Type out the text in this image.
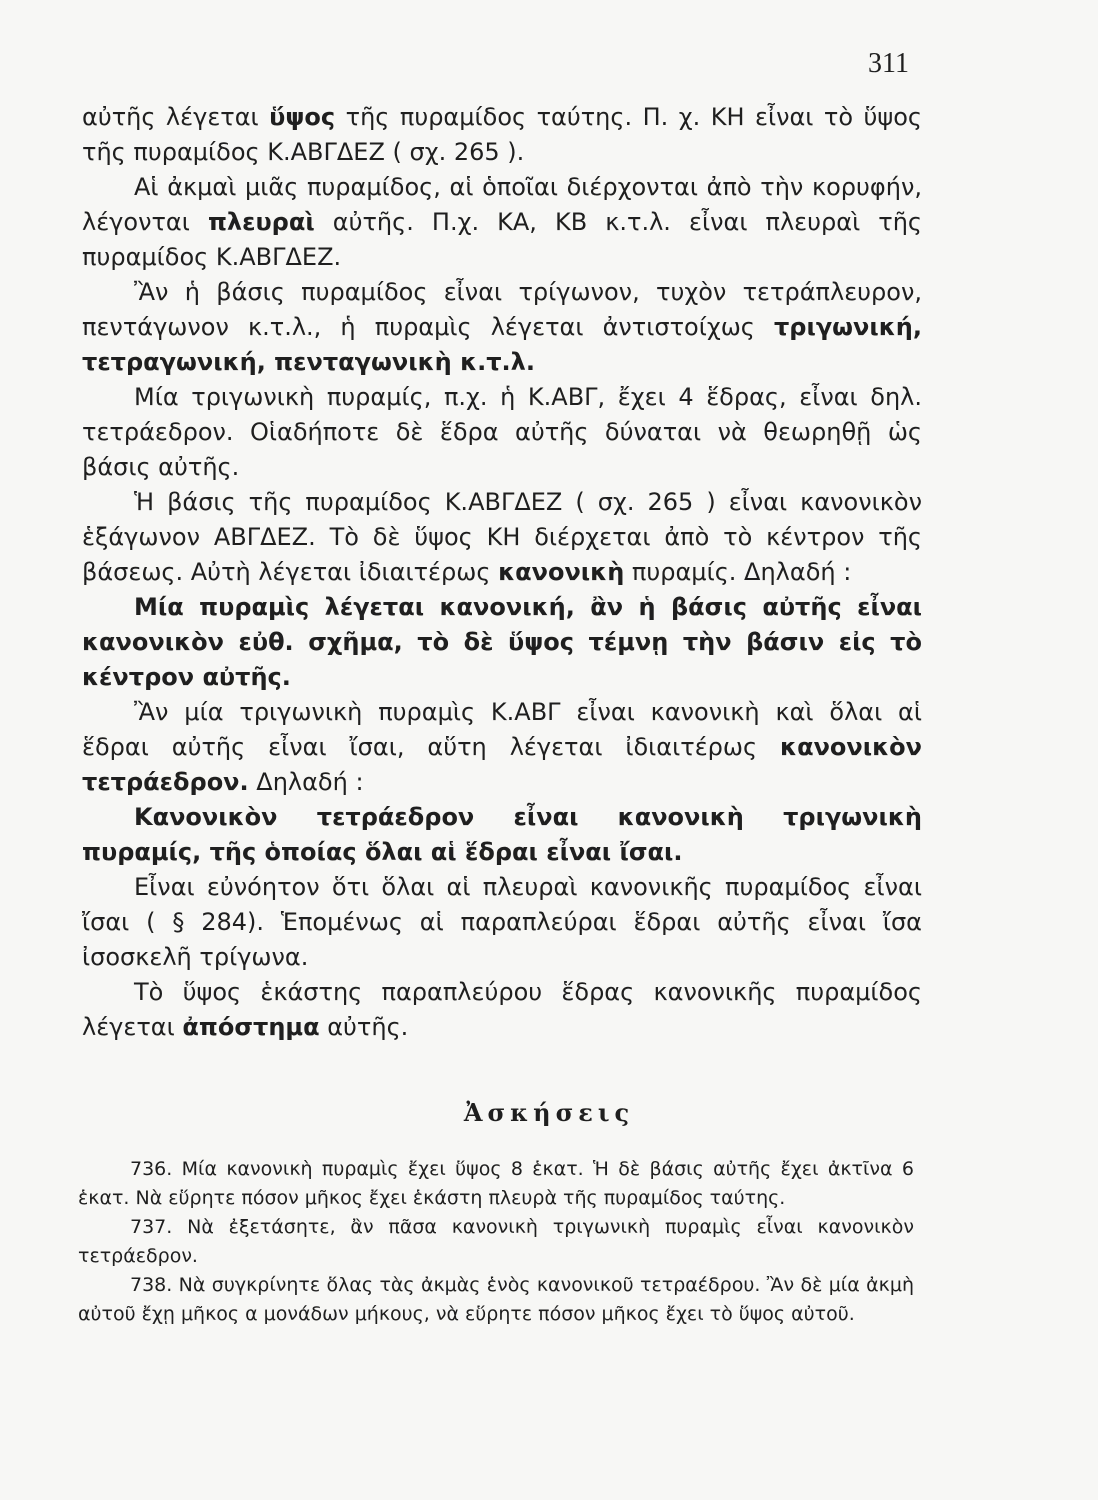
311

αὐτῆς λέγεται ὕψος τῆς πυραμίδος ταύτης. Π. χ. ΚΗ εἶναι τὸ ὕψος τῆς πυραμίδος Κ.ΑΒΓΔΕΖ ( σχ. 265 ).

Αἱ ἀκμαὶ μιᾶς πυραμίδος, αἱ ὁποῖαι διέρχονται ἀπὸ τὴν κορυφήν, λέγονται πλευραὶ αὐτῆς. Π.χ. ΚΑ, ΚΒ κ.τ.λ. εἶναι πλευραὶ τῆς πυραμίδος Κ.ΑΒΓΔΕΖ.

Ἂν ἡ βάσις πυραμίδος εἶναι τρίγωνον, τυχὸν τετράπλευρον, πεντάγωνον κ.τ.λ., ἡ πυραμὶς λέγεται ἀντιστοίχως τριγωνική, τετραγωνική, πενταγωνικὴ κ.τ.λ.

Μία τριγωνικὴ πυραμίς, π.χ. ἡ Κ.ΑΒΓ, ἔχει 4 ἕδρας, εἶναι δηλ. τετράεδρον. Οἱαδήποτε δὲ ἕδρα αὐτῆς δύναται νὰ θεωρηθῇ ὡς βάσις αὐτῆς.

Ἡ βάσις τῆς πυραμίδος Κ.ΑΒΓΔΕΖ ( σχ. 265 ) εἶναι κανονικὸν ἑξάγωνον ΑΒΓΔΕΖ. Τὸ δὲ ὕψος ΚΗ διέρχεται ἀπὸ τὸ κέντρον τῆς βάσεως. Αὐτὴ λέγεται ἰδιαιτέρως κανονικὴ πυραμίς. Δηλαδή :

Μία πυραμὶς λέγεται κανονική, ἂν ἡ βάσις αὐτῆς εἶναι κανονικὸν εὐθ. σχῆμα, τὸ δὲ ὕψος τέμνῃ τὴν βάσιν εἰς τὸ κέντρον αὐτῆς.

Ἂν μία τριγωνικὴ πυραμὶς Κ.ΑΒΓ εἶναι κανονικὴ καὶ ὅλαι αἱ ἕδραι αὐτῆς εἶναι ἴσαι, αὕτη λέγεται ἰδιαιτέρως κανονικὸν τετράεδρον. Δηλαδή :

Κανονικὸν τετράεδρον εἶναι κανονικὴ τριγωνικὴ πυραμίς, τῆς ὁποίας ὅλαι αἱ ἕδραι εἶναι ἴσαι.

Εἶναι εὐνόητον ὅτι ὅλαι αἱ πλευραὶ κανονικῆς πυραμίδος εἶναι ἴσαι ( § 284). Ἑπομένως αἱ παραπλεύραι ἕδραι αὐτῆς εἶναι ἴσα ἰσοσκελῆ τρίγωνα.

Τὸ ὕψος ἑκάστης παραπλεύρου ἕδρας κανονικῆς πυραμίδος λέγεται ἀπόστημα αὐτῆς.

Ἀσκήσεις

736. Μία κανονικὴ πυραμὶς ἔχει ὕψος 8 ἑκατ. Ἡ δὲ βάσις αὐτῆς ἔχει ἀκτῖνα 6 ἑκατ. Νὰ εὕρητε πόσον μῆκος ἔχει ἑκάστη πλευρὰ τῆς πυραμίδος ταύτης.

737. Νὰ ἐξετάσητε, ἂν πᾶσα κανονικὴ τριγωνικὴ πυραμὶς εἶναι κανονικὸν τετράεδρον.

738. Νὰ συγκρίνητε ὅλας τὰς ἀκμὰς ἑνὸς κανονικοῦ τετραέδρου. Ἂν δὲ μία ἀκμὴ αὐτοῦ ἔχῃ μῆκος α μονάδων μήκους, νὰ εὕρητε πόσον μῆκος ἔχει τὸ ὕψος αὐτοῦ.
